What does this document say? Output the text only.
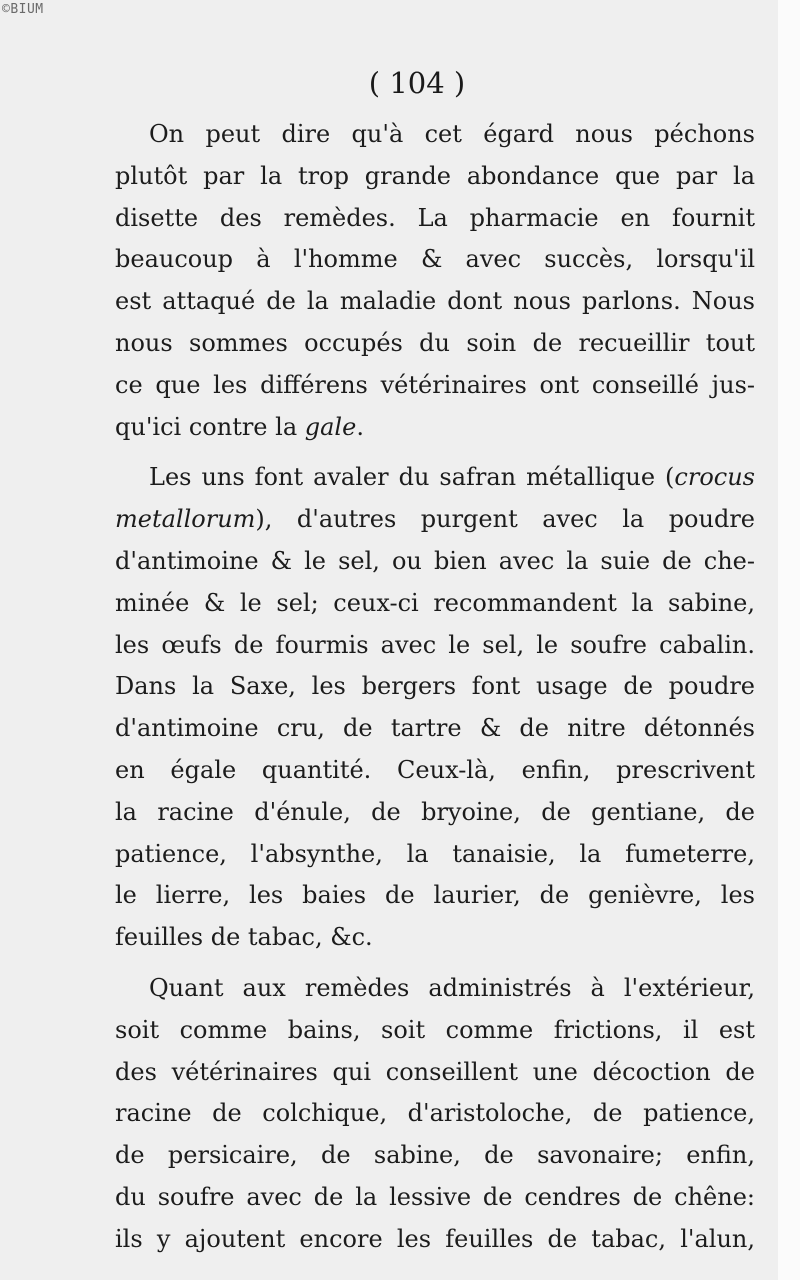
©BIUM
( 104 )
On peut dire qu'à cet égard nous péchons
plutôt par la trop grande abondance que par la
disette des remèdes. La pharmacie en fournit
beaucoup à l'homme & avec succès, lorsqu'il
est attaqué de la maladie dont nous parlons. Nous
nous sommes occupés du soin de recueillir tout
ce que les différens vétérinaires ont conseillé jus-
qu'ici contre la gale.
Les uns font avaler du safran métallique (crocus
metallorum), d'autres purgent avec la poudre
d'antimoine & le sel, ou bien avec la suie de che-
minée & le sel; ceux-ci recommandent la sabine,
les œufs de fourmis avec le sel, le soufre cabalin.
Dans la Saxe, les bergers font usage de poudre
d'antimoine cru, de tartre & de nitre détonnés
en égale quantité. Ceux-là, enfin, prescrivent
la racine d'énule, de bryoine, de gentiane, de
patience, l'absynthe, la tanaisie, la fumeterre,
le lierre, les baies de laurier, de genièvre, les
feuilles de tabac, &c.
Quant aux remèdes administrés à l'extérieur,
soit comme bains, soit comme frictions, il est
des vétérinaires qui conseillent une décoction de
racine de colchique, d'aristoloche, de patience,
de persicaire, de sabine, de savonaire; enfin,
du soufre avec de la lessive de cendres de chêne:
ils y ajoutent encore les feuilles de tabac, l'alun,
